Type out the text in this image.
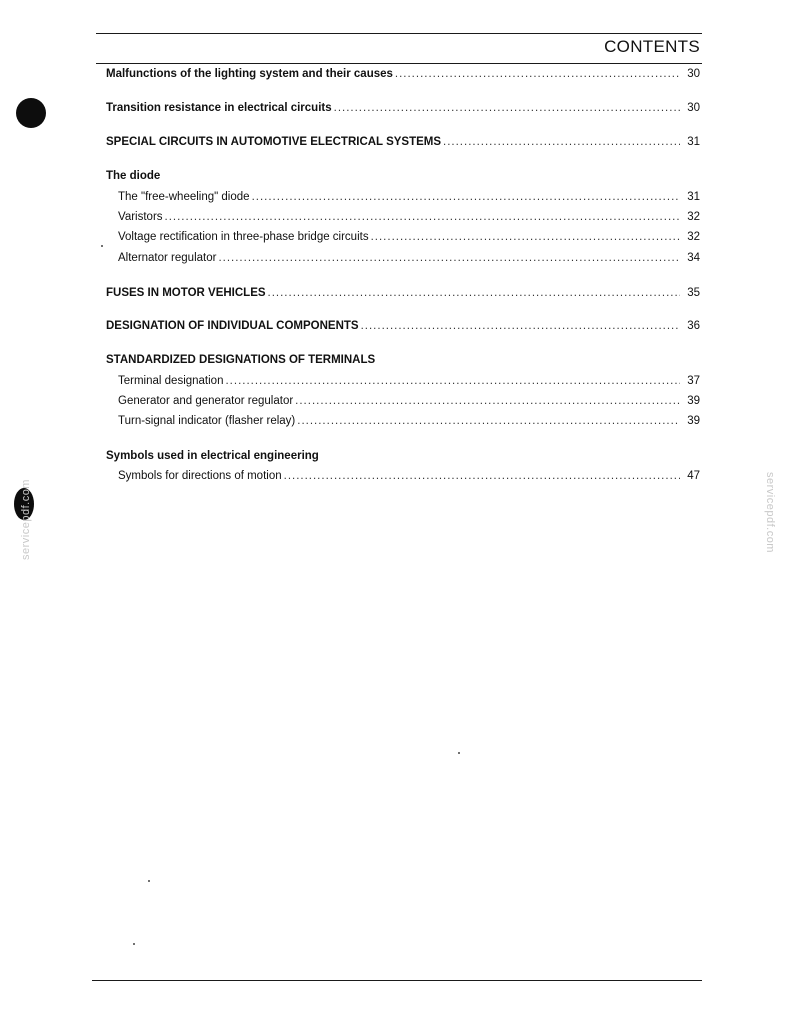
CONTENTS
Malfunctions of the lighting system and their causes .....	30
Transition resistance in electrical circuits .....	30
SPECIAL CIRCUITS IN AUTOMOTIVE ELECTRICAL SYSTEMS .....	31
The diode
The "free-wheeling" diode .....	31
Varistors .....	32
Voltage rectification in three-phase bridge circuits .....	32
Alternator regulator .....	34
FUSES IN MOTOR VEHICLES .....	35
DESIGNATION OF INDIVIDUAL COMPONENTS .....	36
STANDARDIZED DESIGNATIONS OF TERMINALS
Terminal designation .....	37
Generator and generator regulator .....	39
Turn-signal indicator (flasher relay) .....	39
Symbols used in electrical engineering
Symbols for directions of motion .....	47
servicepdf.com	servicepdf.com
